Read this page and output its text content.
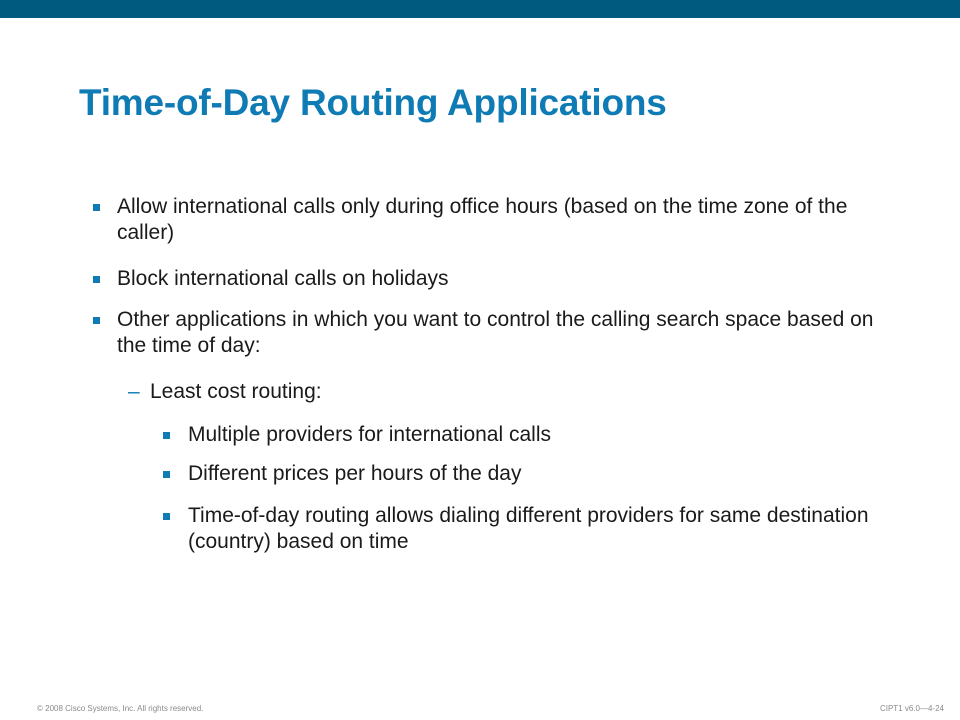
Time-of-Day Routing Applications
Allow international calls only during office hours (based on the time zone of the caller)
Block international calls on holidays
Other applications in which you want to control the calling search space based on the time of day:
– Least cost routing:
Multiple providers for international calls
Different prices per hours of the day
Time-of-day routing allows dialing different providers for same destination (country) based on time
© 2008 Cisco Systems, Inc. All rights reserved.	CIPT1 v6.0—4-24
